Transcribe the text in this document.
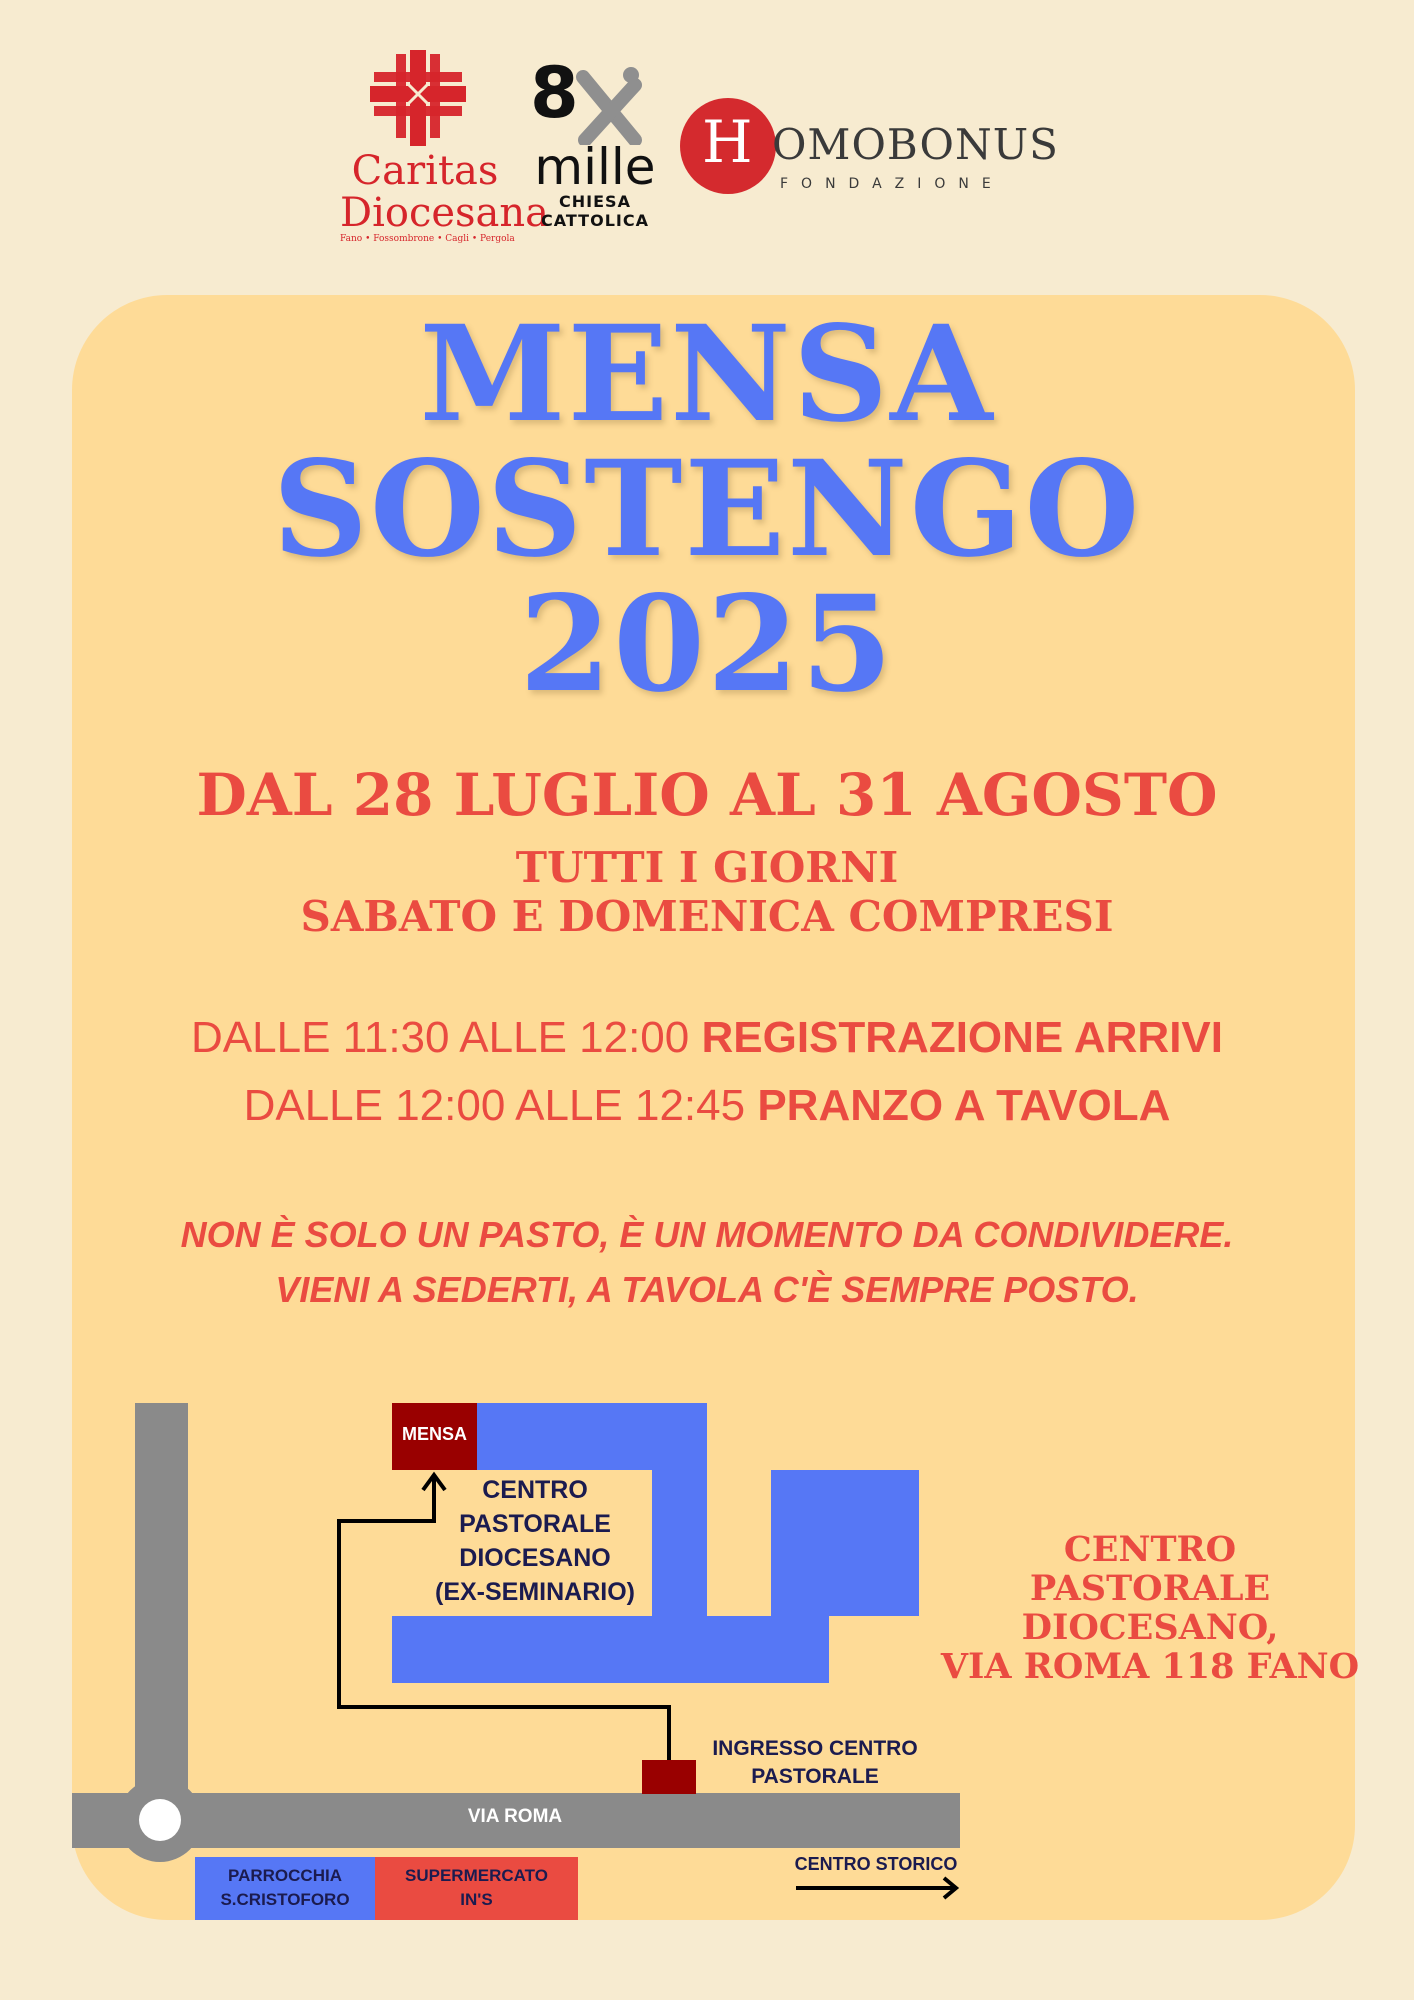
Caritas
Diocesana
Fano • Fossombrone • Cagli • Pergola
8
mille
CHIESA
CATTOLICA
H OMOBONUS
FONDAZIONE
MENSA
SOSTENGO
2025
DAL 28 LUGLIO AL 31 AGOSTO
TUTTI I GIORNI
SABATO E DOMENICA COMPRESI
DALLE 11:30 ALLE 12:00 REGISTRAZIONE ARRIVI
DALLE 12:00 ALLE 12:45 PRANZO A TAVOLA
NON È SOLO UN PASTO, È UN MOMENTO DA CONDIVIDERE.
VIENI A SEDERTI, A TAVOLA C'È SEMPRE POSTO.
VIA ROMA
MENSA
CENTRO
PASTORALE
DIOCESANO
(EX-SEMINARIO)
INGRESSO CENTRO
PASTORALE
PARROCCHIA
S.CRISTOFORO
SUPERMERCATO
IN'S
CENTRO STORICO
CENTRO
PASTORALE
DIOCESANO,
VIA ROMA 118 FANO
